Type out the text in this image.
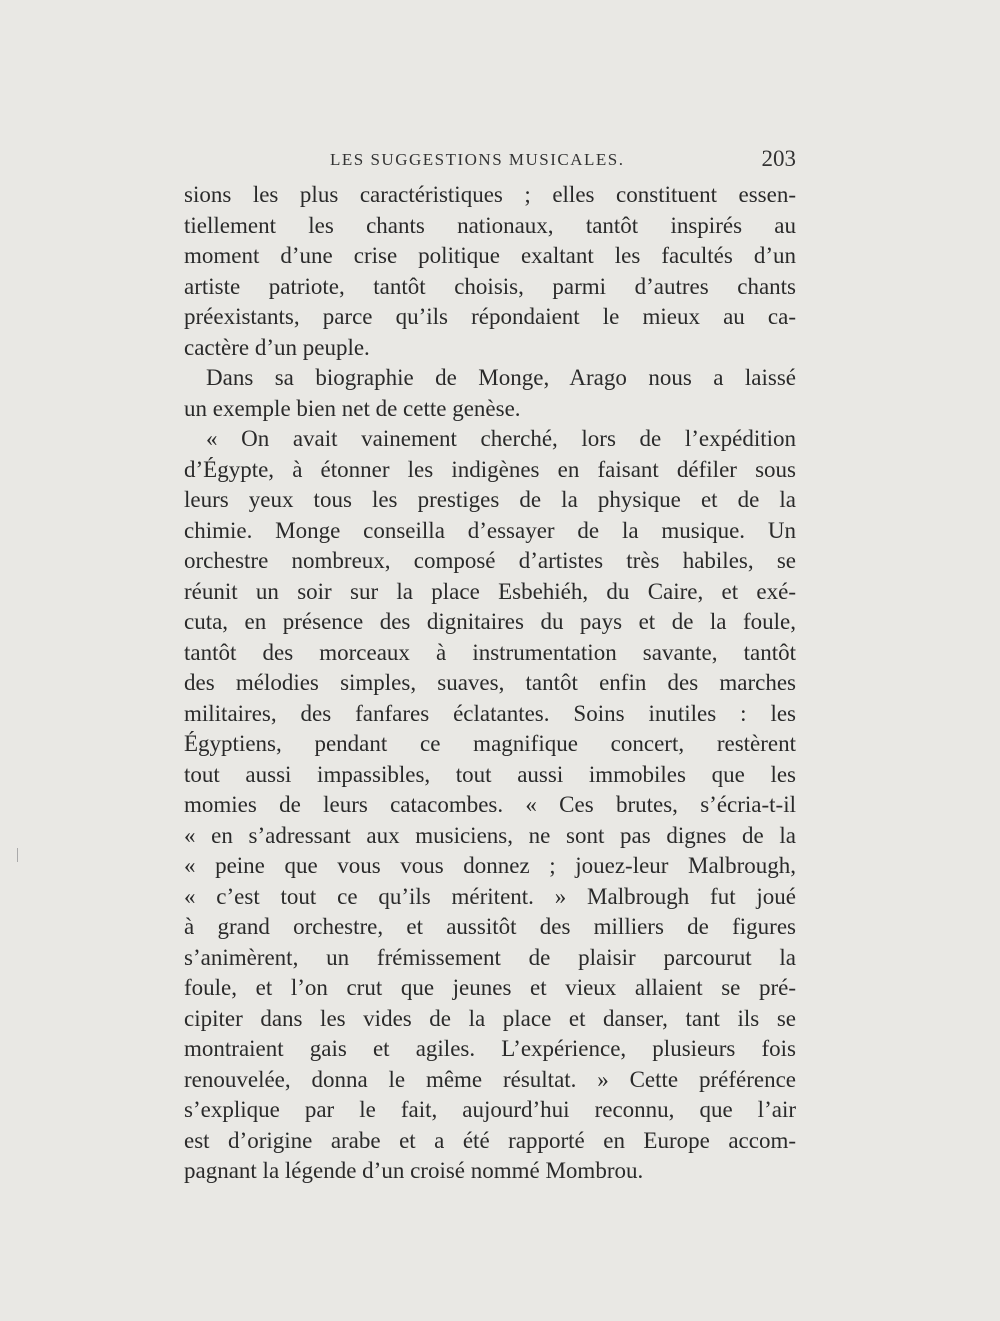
LES SUGGESTIONS MUSICALES.	203
sions les plus caractéristiques ; elles constituent essen-
tiellement les chants nationaux, tantôt inspirés au
moment d’une crise politique exaltant les facultés d’un
artiste patriote, tantôt choisis, parmi d’autres chants
préexistants, parce qu’ils répondaient le mieux au ca-
cactère d’un peuple.
Dans sa biographie de Monge, Arago nous a laissé
un exemple bien net de cette genèse.
« On avait vainement cherché, lors de l’expédition
d’Égypte, à étonner les indigènes en faisant défiler sous
leurs yeux tous les prestiges de la physique et de la
chimie. Monge conseilla d’essayer de la musique. Un
orchestre nombreux, composé d’artistes très habiles, se
réunit un soir sur la place Esbehiéh, du Caire, et exé-
cuta, en présence des dignitaires du pays et de la foule,
tantôt des morceaux à instrumentation savante, tantôt
des mélodies simples, suaves, tantôt enfin des marches
militaires, des fanfares éclatantes. Soins inutiles : les
Égyptiens, pendant ce magnifique concert, restèrent
tout aussi impassibles, tout aussi immobiles que les
momies de leurs catacombes. « Ces brutes, s’écria-t-il
« en s’adressant aux musiciens, ne sont pas dignes de la
« peine que vous vous donnez ; jouez-leur Malbrough,
« c’est tout ce qu’ils méritent. » Malbrough fut joué
à grand orchestre, et aussitôt des milliers de figures
s’animèrent, un frémissement de plaisir parcourut la
foule, et l’on crut que jeunes et vieux allaient se pré-
cipiter dans les vides de la place et danser, tant ils se
montraient gais et agiles. L’expérience, plusieurs fois
renouvelée, donna le même résultat. » Cette préférence
s’explique par le fait, aujourd’hui reconnu, que l’air
est d’origine arabe et a été rapporté en Europe accom-
pagnant la légende d’un croisé nommé Mombrou.
